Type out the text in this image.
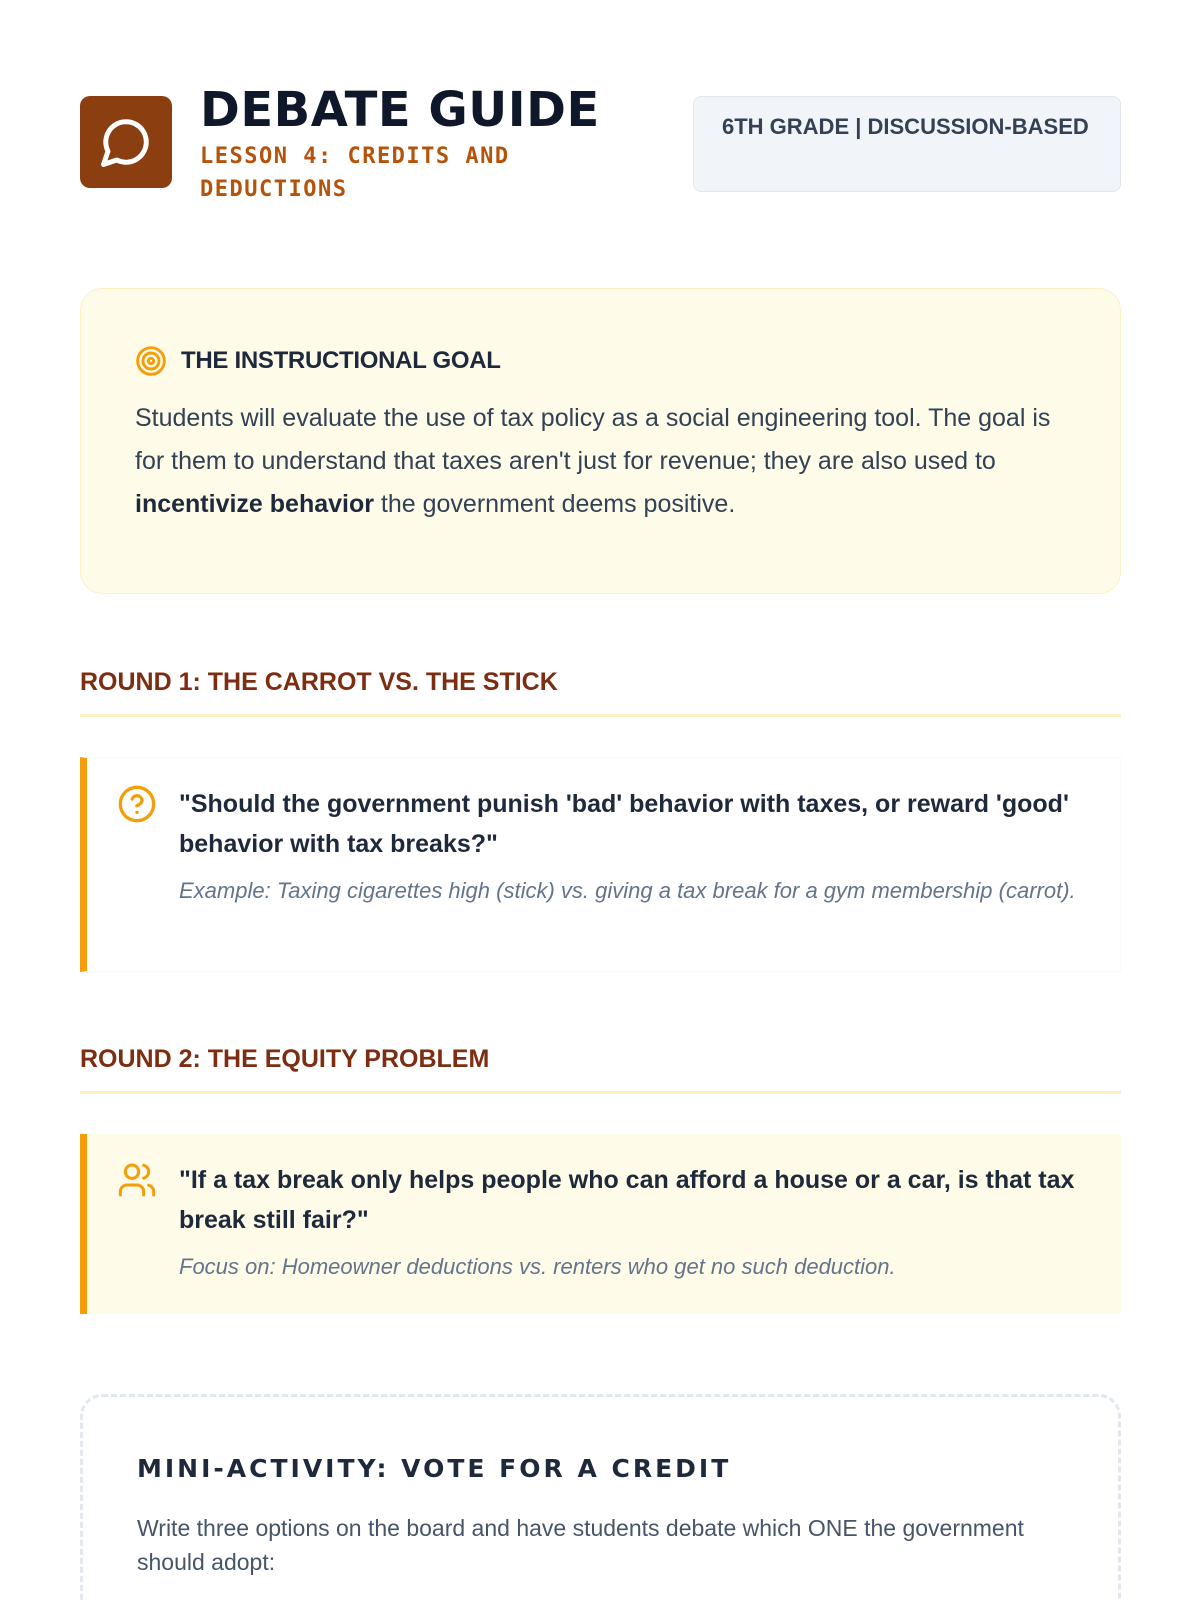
DEBATE GUIDE
LESSON 4: CREDITS AND DEDUCTIONS
6TH GRADE | DISCUSSION-BASED
THE INSTRUCTIONAL GOAL
Students will evaluate the use of tax policy as a social engineering tool. The goal is for them to understand that taxes aren't just for revenue; they are also used to incentivize behavior the government deems positive.
ROUND 1: THE CARROT VS. THE STICK
"Should the government punish 'bad' behavior with taxes, or reward 'good' behavior with tax breaks?"
Example: Taxing cigarettes high (stick) vs. giving a tax break for a gym membership (carrot).
ROUND 2: THE EQUITY PROBLEM
"If a tax break only helps people who can afford a house or a car, is that tax break still fair?"
Focus on: Homeowner deductions vs. renters who get no such deduction.
MINI-ACTIVITY: VOTE FOR A CREDIT
Write three options on the board and have students debate which ONE the government should adopt:
